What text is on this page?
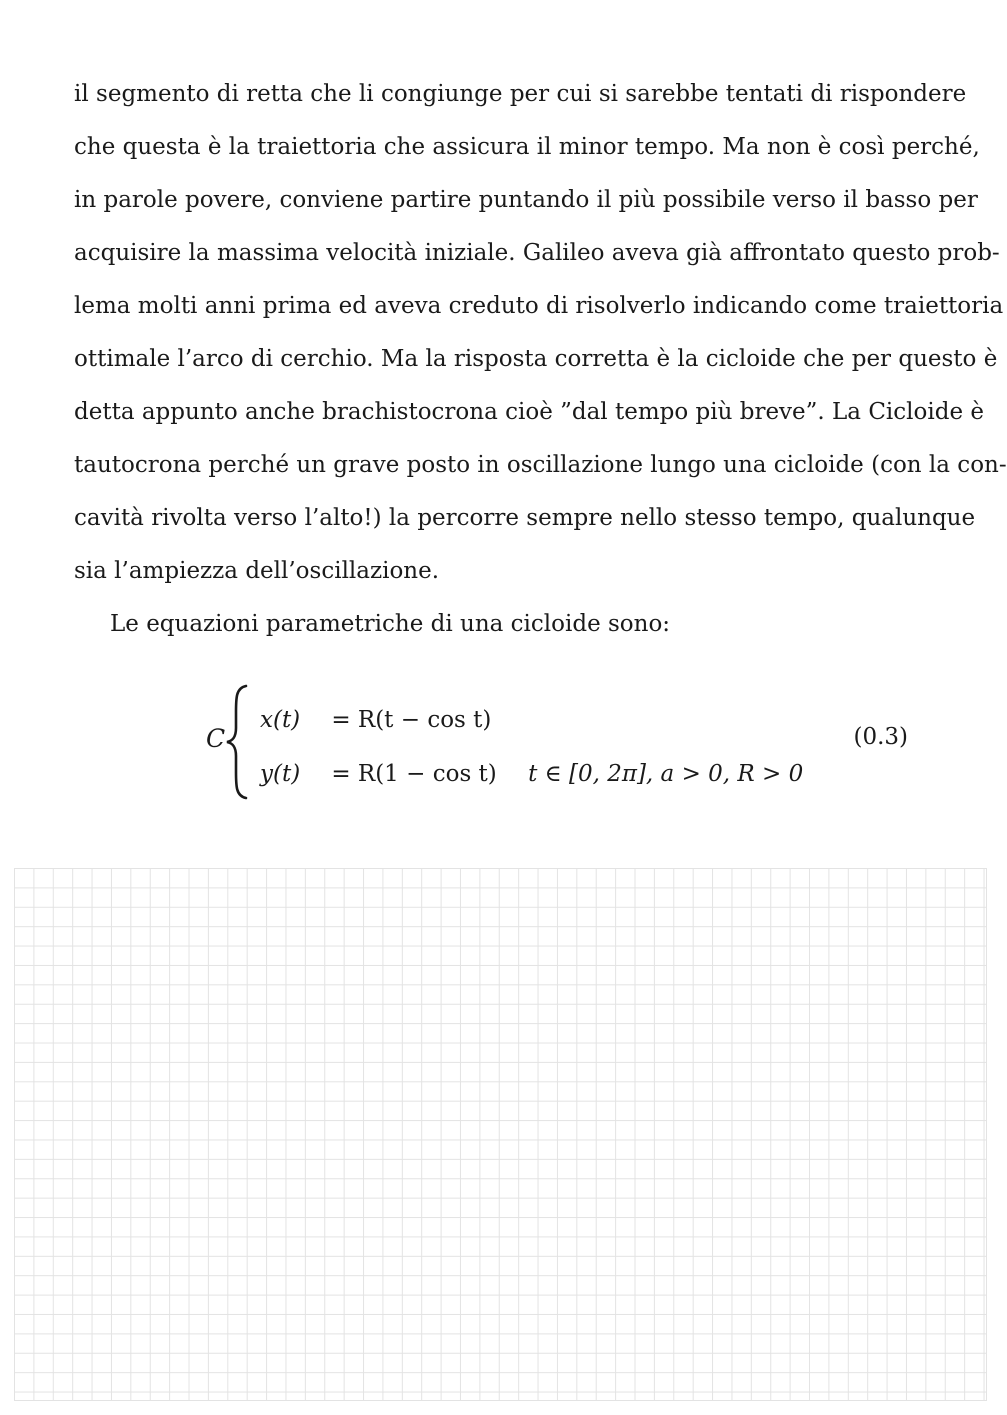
il segmento di retta che li congiunge per cui si sarebbe tentati di rispondere
che questa è la traiettoria che assicura il minor tempo. Ma non è così perché,
in parole povere, conviene partire puntando il più possibile verso il basso per
acquisire la massima velocità iniziale. Galileo aveva già affrontato questo prob-
lema molti anni prima ed aveva creduto di risolverlo indicando come traiettoria
ottimale l’arco di cerchio. Ma la risposta corretta è la cicloide che per questo è
detta appunto anche brachistocrona cioè ”dal tempo più breve”. La Cicloide è
tautocrona perché un grave posto in oscillazione lungo una cicloide (con la con-
cavità rivolta verso l’alto!) la percorre sempre nello stesso tempo, qualunque
sia l’ampiezza dell’oscillazione.
Le equazioni parametriche di una cicloide sono:
C
x(t) = R(t − cos t)
y(t) = R(1 − cos t) t ∈ [0, 2π], a > 0, R > 0
(0.3)
